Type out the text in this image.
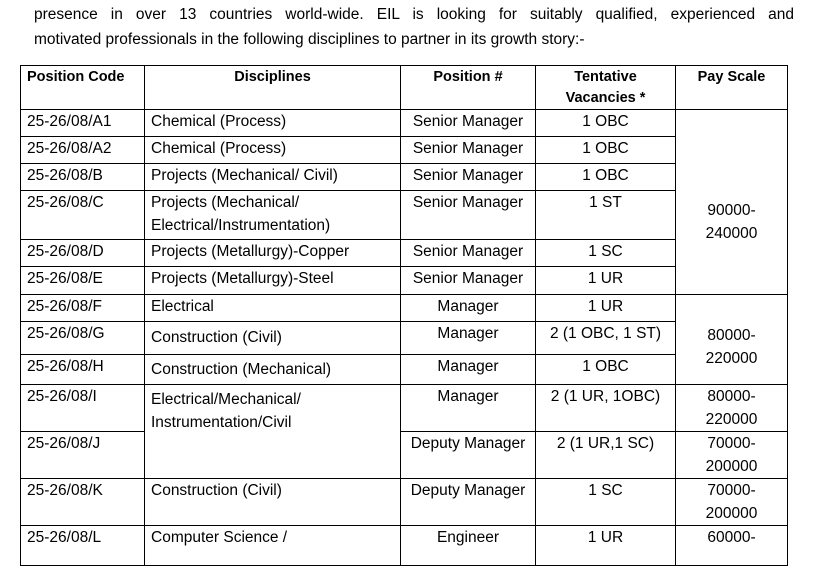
presence in over 13 countries world-wide. EIL is looking for suitably qualified, experienced and
motivated professionals in the following disciplines to partner in its growth story:-
Position Code	Disciplines	Position #	Tentative Vacancies *	Pay Scale
25-26/08/A1	Chemical (Process)	Senior Manager	1 OBC	90000- 240000
25-26/08/A2	Chemical (Process)	Senior Manager	1 OBC	
25-26/08/B	Projects (Mechanical/ Civil)	Senior Manager	1 OBC	
25-26/08/C	Projects (Mechanical/ Electrical/Instrumentation)	Senior Manager	1 ST	
25-26/08/D	Projects (Metallurgy)-Copper	Senior Manager	1 SC	
25-26/08/E	Projects (Metallurgy)-Steel	Senior Manager	1 UR	
25-26/08/F	Electrical	Manager	1 UR	80000- 220000
25-26/08/G	Construction (Civil)	Manager	2 (1 OBC, 1 ST)	
25-26/08/H	Construction (Mechanical)	Manager	1 OBC	
25-26/08/I	Electrical/Mechanical/ Instrumentation/Civil	Manager	2 (1 UR, 1OBC)	80000- 220000
25-26/08/J		Deputy Manager	2 (1 UR,1 SC)	70000- 200000
25-26/08/K	Construction (Civil)	Deputy Manager	1 SC	70000- 200000
25-26/08/L	Computer Science /	Engineer	1 UR	60000-
